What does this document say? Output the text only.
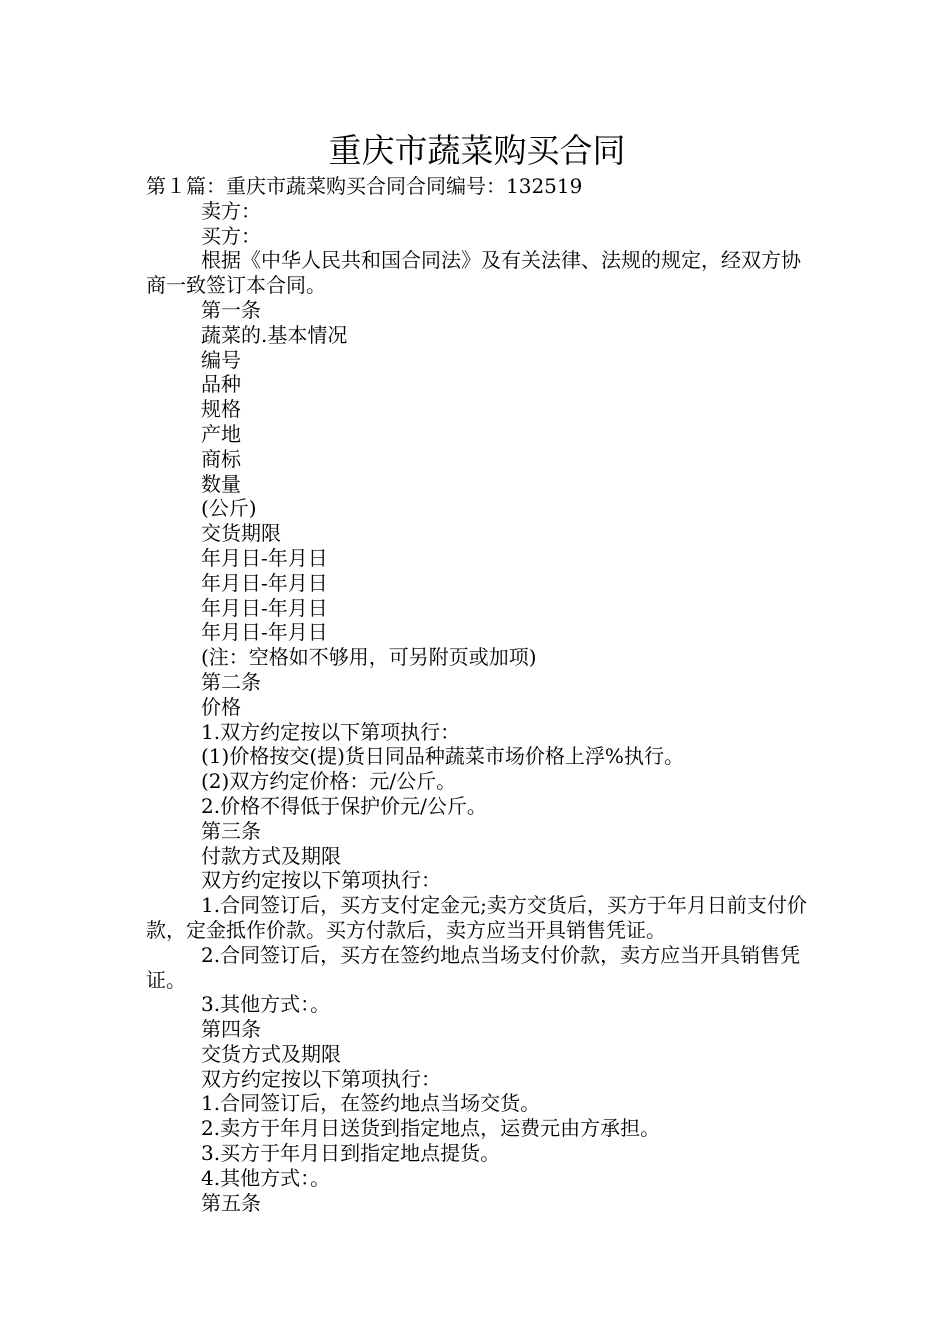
重庆市蔬菜购买合同

第１篇：重庆市蔬菜购买合同合同编号：132519

卖方：

买方：

根据《中华人民共和国合同法》及有关法律、法规的规定，经双方协商一致签订本合同。

第一条

蔬菜的.基本情况

编号

品种

规格

产地

商标

数量

(公斤)

交货期限

年月日-年月日

年月日-年月日

年月日-年月日

年月日-年月日

(注：空格如不够用，可另附页或加项)

第二条

价格

1.双方约定按以下第项执行：

(1)价格按交(提)货日同品种蔬菜市场价格上浮%执行。

(2)双方约定价格：元/公斤。

2.价格不得低于保护价元/公斤。

第三条

付款方式及期限

双方约定按以下第项执行：

1.合同签订后，买方支付定金元;卖方交货后，买方于年月日前支付价款，定金抵作价款。买方付款后，卖方应当开具销售凭证。

2.合同签订后，买方在签约地点当场支付价款，卖方应当开具销售凭证。

3.其他方式：。

第四条

交货方式及期限

双方约定按以下第项执行：

1.合同签订后，在签约地点当场交货。

2.卖方于年月日送货到指定地点，运费元由方承担。

3.买方于年月日到指定地点提货。

4.其他方式：。

第五条
